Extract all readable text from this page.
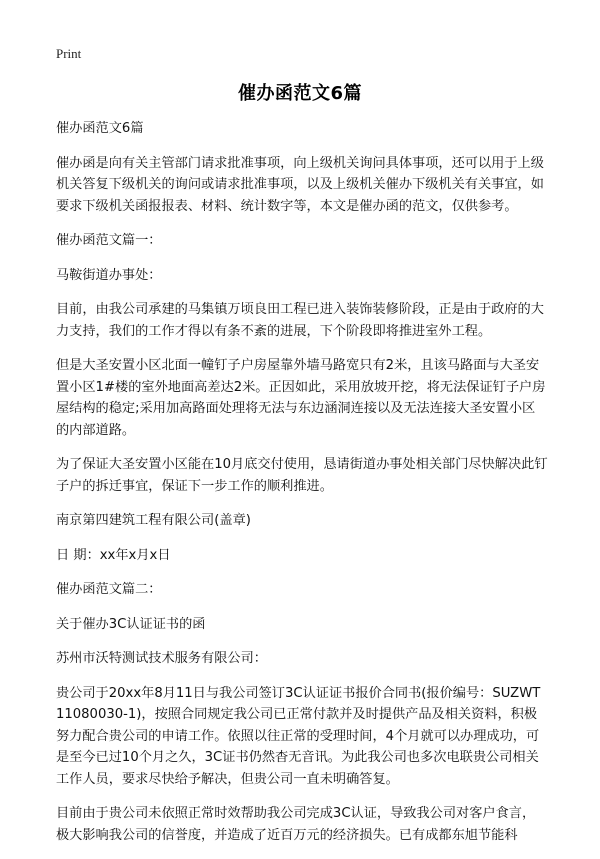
Print
催办函范文6篇

催办函范文6篇

催办函是向有关主管部门请求批准事项，向上级机关询问具体事项，还可以用于上级机关答复下级机关的询问或请求批准事项，以及上级机关催办下级机关有关事宜，如要求下级机关函报报表、材料、统计数字等，本文是催办函的范文，仅供参考。

催办函范文篇一：

马鞍街道办事处：

目前，由我公司承建的马集镇万顷良田工程已进入装饰装修阶段，正是由于政府的大力支持，我们的工作才得以有条不紊的进展，下个阶段即将推进室外工程。

但是大圣安置小区北面一幢钉子户房屋靠外墙马路宽只有2米，且该马路面与大圣安置小区1#楼的室外地面高差达2米。正因如此，采用放坡开挖，将无法保证钉子户房屋结构的稳定;采用加高路面处理将无法与东边涵洞连接以及无法连接大圣安置小区的内部道路。

为了保证大圣安置小区能在10月底交付使用，恳请街道办事处相关部门尽快解决此钉子户的拆迁事宜，保证下一步工作的顺利推进。

南京第四建筑工程有限公司(盖章)

日 期：xx年x月x日

催办函范文篇二：

关于催办3C认证证书的函

苏州市沃特测试技术服务有限公司：

贵公司于20xx年8月11日与我公司签订3C认证证书报价合同书(报价编号：SUZWT11080030-1)，按照合同规定我公司已正常付款并及时提供产品及相关资料，积极努力配合贵公司的申请工作。依照以往正常的受理时间，4个月就可以办理成功，可是至今已过10个月之久，3C证书仍然杳无音讯。为此我公司也多次电联贵公司相关工作人员，要求尽快给予解决，但贵公司一直未明确答复。

目前由于贵公司未依照正常时效帮助我公司完成3C认证，导致我公司对客户食言，极大影响我公司的信誉度，并造成了近百万元的经济损失。已有成都东旭节能科
